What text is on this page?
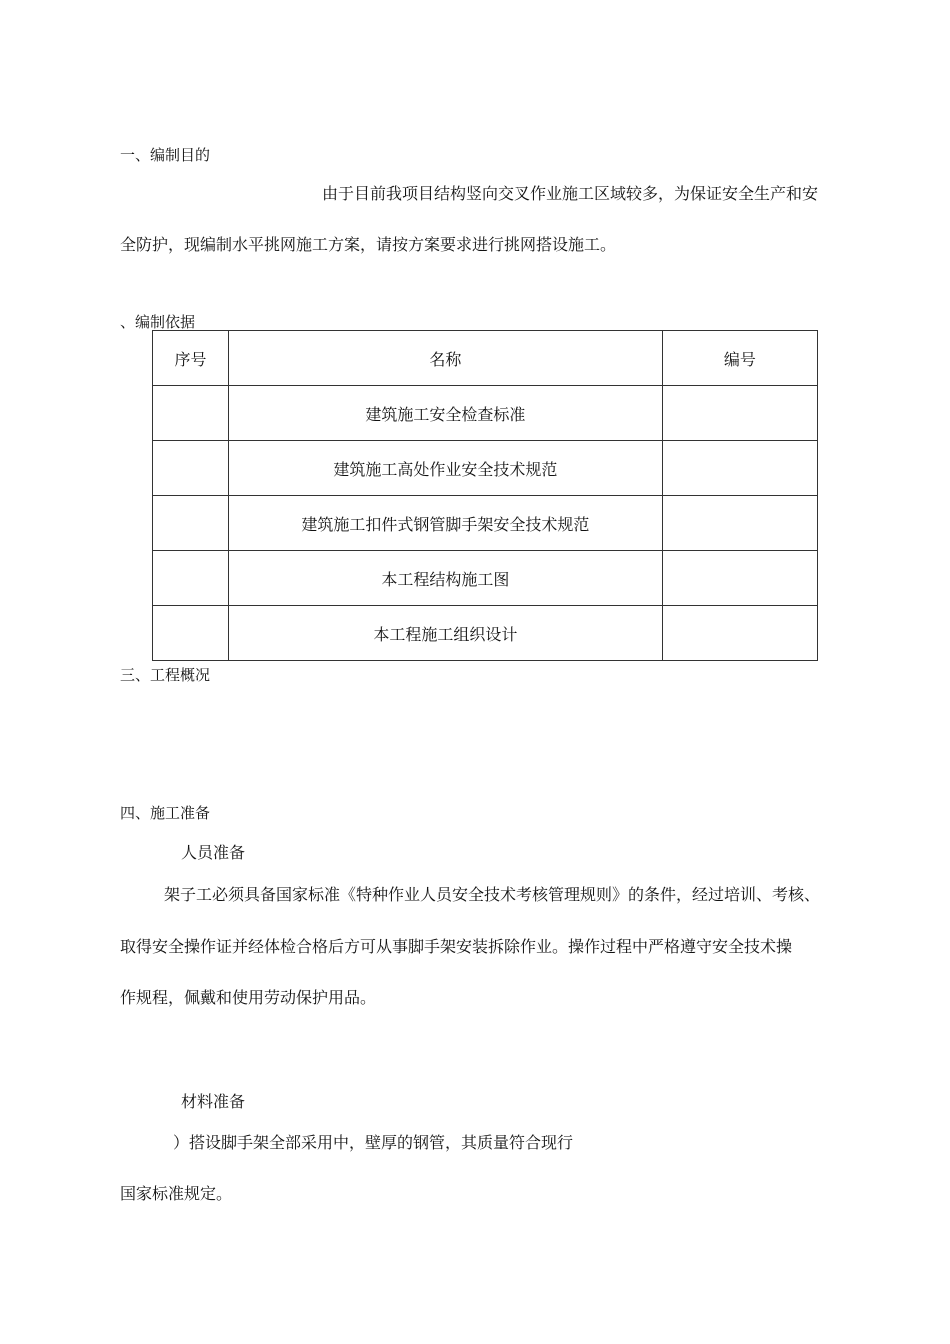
一、编制目的
由于目前我项目结构竖向交叉作业施工区域较多，为保证安全生产和安
全防护，现编制水平挑网施工方案，请按方案要求进行挑网搭设施工。
、编制依据
序号	名称	编号
	建筑施工安全检查标准	
	建筑施工高处作业安全技术规范	
	建筑施工扣件式钢管脚手架安全技术规范	
	本工程结构施工图	
	本工程施工组织设计	
三、工程概况
四、施工准备
人员准备
架子工必须具备国家标准《特种作业人员安全技术考核管理规则》的条件，经过培训、考核、
取得安全操作证并经体检合格后方可从事脚手架安装拆除作业。操作过程中严格遵守安全技术操
作规程，佩戴和使用劳动保护用品。
材料准备
）搭设脚手架全部采用中，壁厚的钢管，其质量符合现行
国家标准规定。
